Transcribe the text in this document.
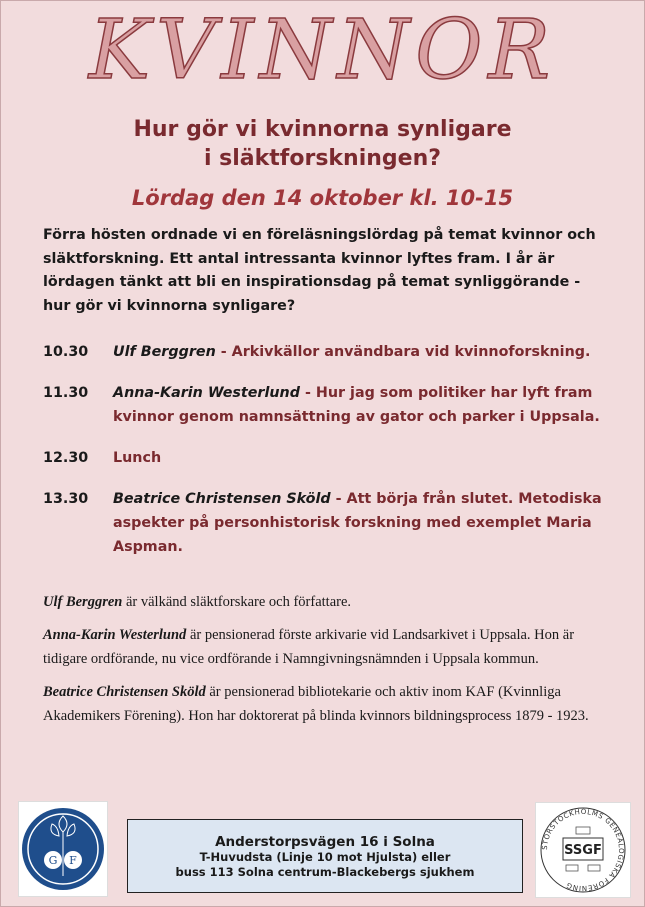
KVINNOR
Hur gör vi kvinnorna synligare
i släktforskningen?
Lördag den 14 oktober kl. 10-15
Förra hösten ordnade vi en föreläsningslördag på temat kvinnor och släktforskning. Ett antal intressanta kvinnor lyftes fram. I år är lördagen tänkt att bli en inspirationsdag på temat synliggörande - hur gör vi kvinnorna synligare?
10.30	Ulf Berggren - Arkivkällor användbara vid kvinnoforskning.
11.30	Anna-Karin Westerlund - Hur jag som politiker har lyft fram kvinnor genom namnsättning av gator och parker i Uppsala.
12.30	Lunch
13.30	Beatrice Christensen Sköld - Att börja från slutet. Metodiska aspekter på personhistorisk forskning med exemplet Maria Aspman.
Ulf Berggren är välkänd släktforskare och författare.
Anna-Karin Westerlund är pensionerad förste arkivarie vid Landsarkivet i Uppsala. Hon är tidigare ordförande, nu vice ordförande i Namngivningsnämnden i Uppsala kommun.
Beatrice Christensen Sköld är pensionerad bibliotekarie och aktiv inom KAF (Kvinnliga Akademikers Förening). Hon har doktorerat på blinda kvinnors bildningsprocess 1879 - 1923.
G F
Anderstorpsvägen 16 i Solna
T-Huvudsta (Linje 10 mot Hjulsta) eller
buss 113 Solna centrum-Blackebergs sjukhem
STORSTOCKHOLMS GENEALOGISKA FÖRENING
SSGF
